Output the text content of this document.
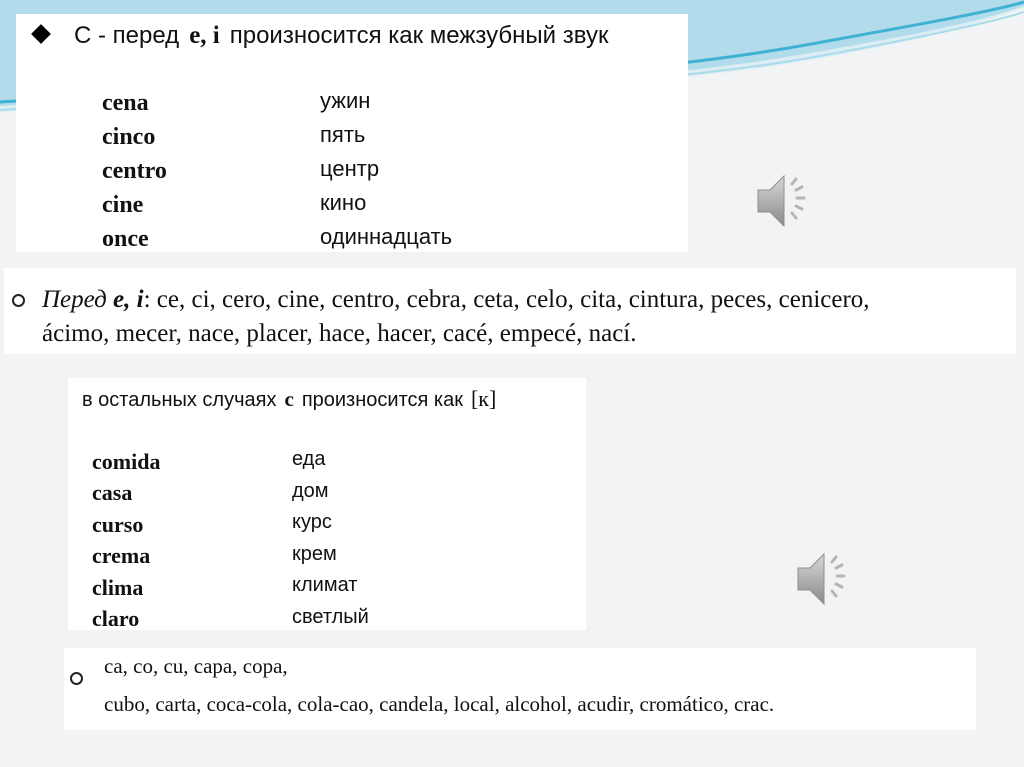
С - перед e, i произносится как межзубный звук
cena
cinco
centro
cine
once
ужин
пять
центр
кино
одиннадцать
Перед e, i: ce, ci, cero, cine, centro, cebra, ceta, celo, cita, cintura, peces, cenicero,
ácimo, mecer, nace, placer, hace, hacer, cacé, empecé, nací.
в остальных случаях c произносится как [к]
comida
casa
curso
crema
clima
claro
еда
дом
курс
крем
климат
светлый
ca, co, cu, capa, copa,
cubo, carta, coca-cola, cola-cao, candela, local, alcohol, acudir, cromático, crac.
